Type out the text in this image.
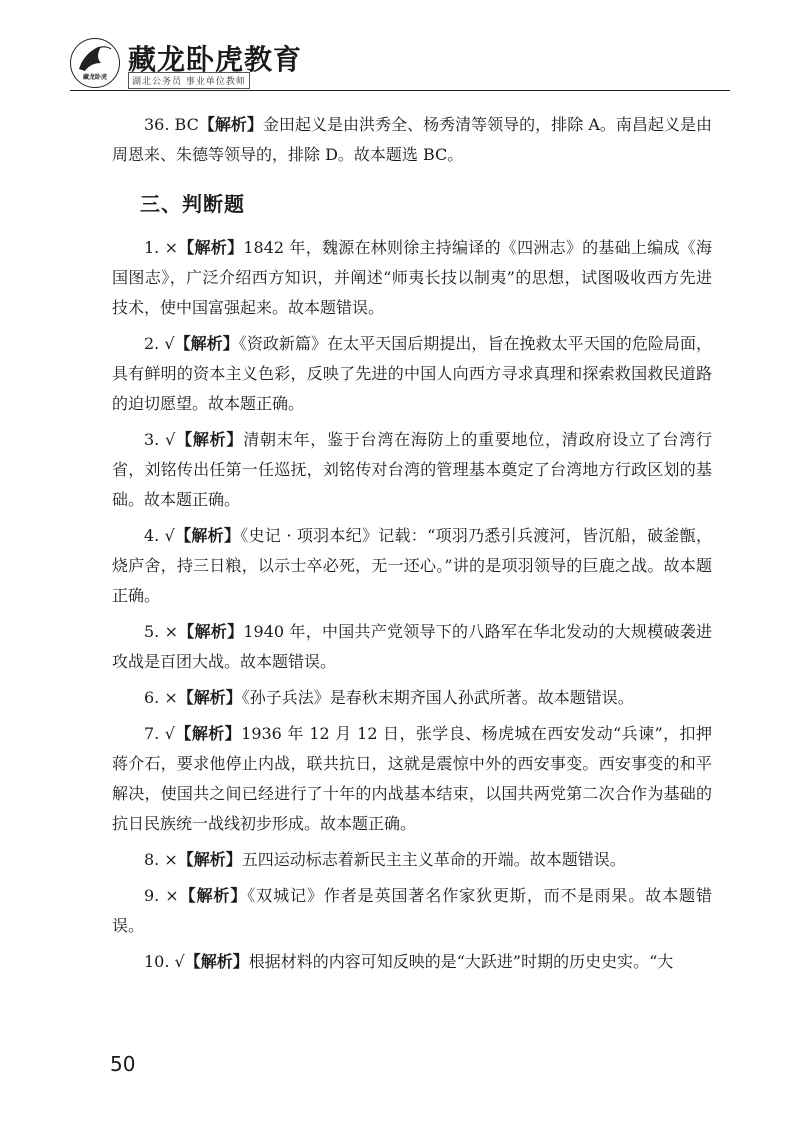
藏龙卧虎
藏龙卧虎教育
湖北公务员 事业单位教师

36. BC【解析】金田起义是由洪秀全、杨秀清等领导的，排除 A。南昌起义是由周恩来、朱德等领导的，排除 D。故本题选 BC。

三、判断题

1. ×【解析】1842 年，魏源在林则徐主持编译的《四洲志》的基础上编成《海国图志》，广泛介绍西方知识，并阐述“师夷长技以制夷”的思想，试图吸收西方先进技术，使中国富强起来。故本题错误。

2. √【解析】《资政新篇》在太平天国后期提出，旨在挽救太平天国的危险局面，具有鲜明的资本主义色彩，反映了先进的中国人向西方寻求真理和探索救国救民道路的迫切愿望。故本题正确。

3. √【解析】清朝末年，鉴于台湾在海防上的重要地位，清政府设立了台湾行省，刘铭传出任第一任巡抚，刘铭传对台湾的管理基本奠定了台湾地方行政区划的基础。故本题正确。

4. √【解析】《史记 · 项羽本纪》记载：“项羽乃悉引兵渡河，皆沉船，破釜甑，烧庐舍，持三日粮，以示士卒必死，无一还心。”讲的是项羽领导的巨鹿之战。故本题正确。

5. ×【解析】1940 年，中国共产党领导下的八路军在华北发动的大规模破袭进攻战是百团大战。故本题错误。

6. ×【解析】《孙子兵法》是春秋末期齐国人孙武所著。故本题错误。

7. √【解析】1936 年 12 月 12 日，张学良、杨虎城在西安发动“兵谏”，扣押蒋介石，要求他停止内战，联共抗日，这就是震惊中外的西安事变。西安事变的和平解决，使国共之间已经进行了十年的内战基本结束，以国共两党第二次合作为基础的抗日民族统一战线初步形成。故本题正确。

8. ×【解析】五四运动标志着新民主主义革命的开端。故本题错误。

9. ×【解析】《双城记》作者是英国著名作家狄更斯，而不是雨果。故本题错误。

10. √【解析】根据材料的内容可知反映的是“大跃进”时期的历史史实。“大

50
